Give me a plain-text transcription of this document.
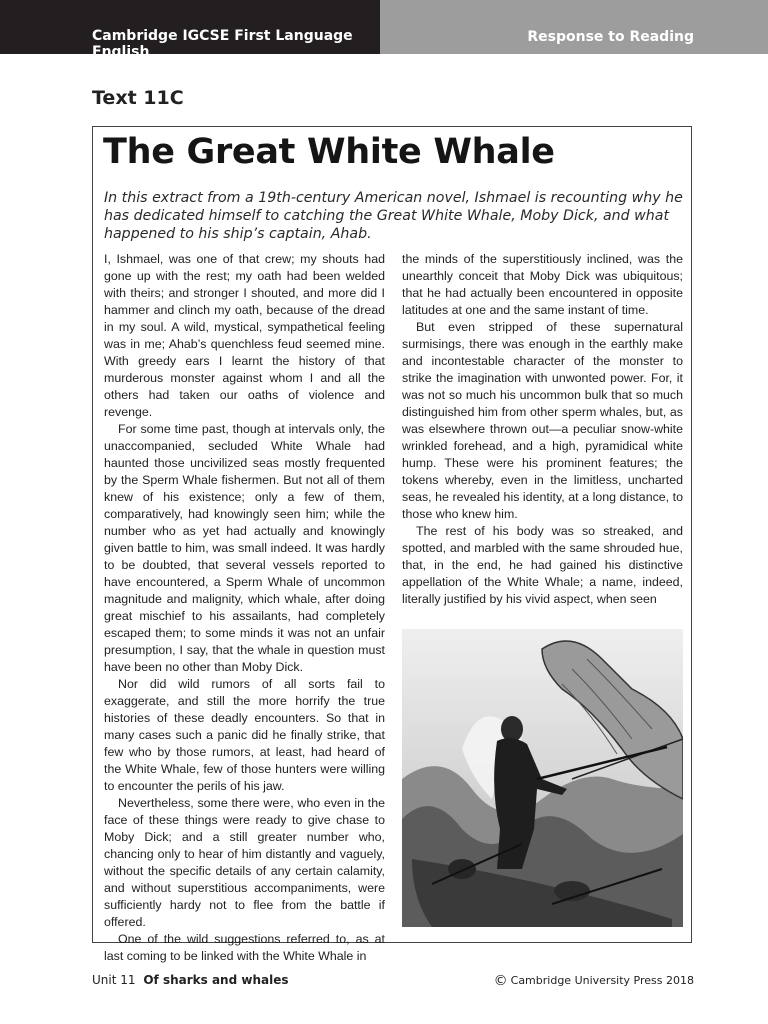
Cambridge IGCSE First Language English
Response to Reading
Text 11C
The Great White Whale
In this extract from a 19th-century American novel, Ishmael is recounting why he has dedicated himself to catching the Great White Whale, Moby Dick, and what happened to his ship’s captain, Ahab.

I, Ishmael, was one of that crew; my shouts had gone up with the rest; my oath had been welded with theirs; and stronger I shouted, and more did I hammer and clinch my oath, because of the dread in my soul. A wild, mystical, sympathetical feeling was in me; Ahab’s quenchless feud seemed mine. With greedy ears I learnt the history of that murderous monster against whom I and all the others had taken our oaths of violence and revenge.

For some time past, though at intervals only, the unaccompanied, secluded White Whale had haunted those uncivilized seas mostly frequented by the Sperm Whale fishermen. But not all of them knew of his existence; only a few of them, comparatively, had knowingly seen him; while the number who as yet had actually and knowingly given battle to him, was small indeed. It was hardly to be doubted, that several vessels reported to have encountered, a Sperm Whale of uncommon magnitude and malignity, which whale, after doing great mischief to his assailants, had completely escaped them; to some minds it was not an unfair presumption, I say, that the whale in question must have been no other than Moby Dick.

Nor did wild rumors of all sorts fail to exaggerate, and still the more horrify the true histories of these deadly encounters. So that in many cases such a panic did he finally strike, that few who by those rumors, at least, had heard of the White Whale, few of those hunters were willing to encounter the perils of his jaw.

Nevertheless, some there were, who even in the face of these things were ready to give chase to Moby Dick; and a still greater number who, chancing only to hear of him distantly and vaguely, without the specific details of any certain calamity, and without superstitious accompaniments, were sufficiently hardy not to flee from the battle if offered.

One of the wild suggestions referred to, as at last coming to be linked with the White Whale in

the minds of the superstitiously inclined, was the unearthly conceit that Moby Dick was ubiquitous; that he had actually been encountered in opposite latitudes at one and the same instant of time.

But even stripped of these supernatural surmisings, there was enough in the earthly make and incontestable character of the monster to strike the imagination with unwonted power. For, it was not so much his uncommon bulk that so much distinguished him from other sperm whales, but, as was elsewhere thrown out—a peculiar snow-white wrinkled forehead, and a high, pyramidical white hump. These were his prominent features; the tokens whereby, even in the limitless, uncharted seas, he revealed his identity, at a long distance, to those who knew him.

The rest of his body was so streaked, and spotted, and marbled with the same shrouded hue, that, in the end, he had gained his distinctive appellation of the White Whale; a name, indeed, literally justified by his vivid aspect, when seen

Unit 11 Of sharks and whales	© Cambridge University Press 2018
